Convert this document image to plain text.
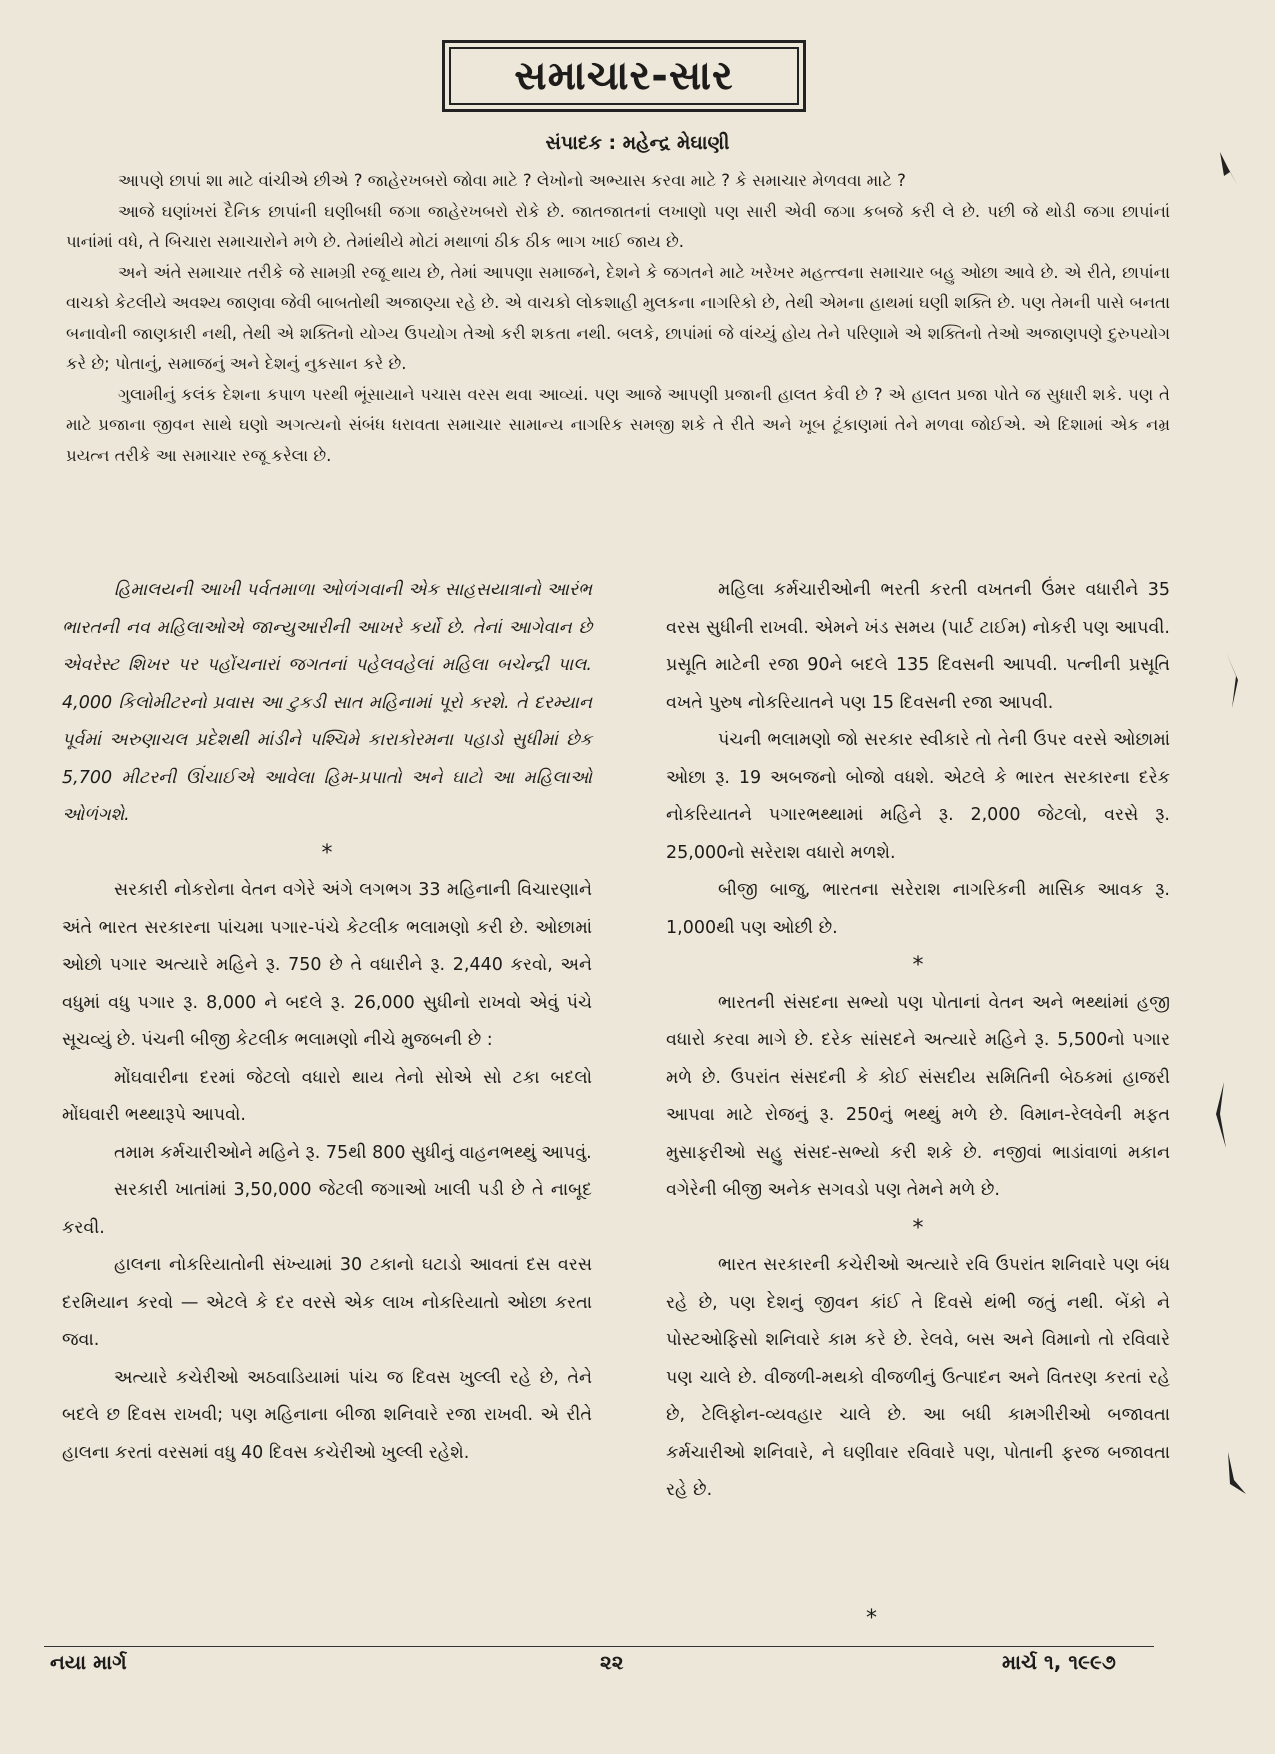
સમાચાર-સાર
સંપાદક : મહેન્દ્ર મેઘાણી

આપણે છાપાં શા માટે વાંચીએ છીએ ? જાહેરખબરો જોવા માટે ? લેખોનો અભ્યાસ કરવા માટે ? કે સમાચાર મેળવવા માટે ?

આજે ઘણાંખરાં દૈનિક છાપાંની ઘણીબધી જગા જાહેરખબરો રોકે છે. જાતજાતનાં લખાણો પણ સારી એવી જગા કબજે કરી લે છે. પછી જે થોડી જગા છાપાંનાં પાનાંમાં વધે, તે બિચારા સમાચારોને મળે છે. તેમાંથીયે મોટાં મથાળાં ઠીક ઠીક ભાગ ખાઈ જાય છે.

અને અંતે સમાચાર તરીકે જે સામગ્રી રજૂ થાય છે, તેમાં આપણા સમાજને, દેશને કે જગતને માટે ખરેખર મહત્ત્વના સમાચાર બહુ ઓછા આવે છે. એ રીતે, છાપાંના વાચકો કેટલીયે અવશ્ય જાણવા જેવી બાબતોથી અજાણ્યા રહે છે. એ વાચકો લોકશાહી મુલકના નાગરિકો છે, તેથી એમના હાથમાં ઘણી શક્તિ છે. પણ તેમની પાસે બનતા બનાવોની જાણકારી નથી, તેથી એ શક્તિનો યોગ્ય ઉપયોગ તેઓ કરી શકતા નથી. બલકે, છાપાંમાં જે વાંચ્યું હોય તેને પરિણામે એ શક્તિનો તેઓ અજાણપણે દુરુપયોગ કરે છે; પોતાનું, સમાજનું અને દેશનું નુકસાન કરે છે.

ગુલામીનું કલંક દેશના કપાળ પરથી ભૂંસાયાને પચાસ વરસ થવા આવ્યાં. પણ આજે આપણી પ્રજાની હાલત કેવી છે ? એ હાલત પ્રજા પોતે જ સુધારી શકે. પણ તે માટે પ્રજાના જીવન સાથે ઘણો અગત્યનો સંબંધ ધરાવતા સમાચાર સામાન્ય નાગરિક સમજી શકે તે રીતે અને ખૂબ ટૂંકાણમાં તેને મળવા જોઈએ. એ દિશામાં એક નમ્ર પ્રયત્ન તરીકે આ સમાચાર રજૂ કરેલા છે.

હિમાલયની આખી પર્વતમાળા ઓળંગવાની એક સાહસયાત્રાનો આરંભ ભારતની નવ મહિલાઓએ જાન્યુઆરીની આખરે કર્યો છે. તેનાં આગેવાન છે એવરેસ્ટ શિખર પર પહોંચનારાં જગતનાં પહેલવહેલાં મહિલા બચેન્દ્રી પાલ. 4,000 કિલોમીટરનો પ્રવાસ આ ટુકડી સાત મહિનામાં પૂરો કરશે. તે દરમ્યાન પૂર્વમાં અરુણાચલ પ્રદેશથી માંડીને પશ્ચિમે કારાકોરમના પહાડો સુધીમાં છેક 5,700 મીટરની ઊંચાઈએ આવેલા હિમ-પ્રપાતો અને ઘાટો આ મહિલાઓ ઓળંગશે.

*

સરકારી નોકરોના વેતન વગેરે અંગે લગભગ 33 મહિનાની વિચારણાને અંતે ભારત સરકારના પાંચમા પગાર-પંચે કેટલીક ભલામણો કરી છે. ઓછામાં ઓછો પગાર અત્યારે મહિને રૂ. 750 છે તે વધારીને રૂ. 2,440 કરવો, અને વધુમાં વધુ પગાર રૂ. 8,000 ને બદલે રૂ. 26,000 સુધીનો રાખવો એવું પંચે સૂચવ્યું છે. પંચની બીજી કેટલીક ભલામણો નીચે મુજબની છે :

મોંઘવારીના દરમાં જેટલો વધારો થાય તેનો સોએ સો ટકા બદલો મોંઘવારી ભથ્થારૂપે આપવો.

તમામ કર્મચારીઓને મહિને રૂ. 75થી 800 સુધીનું વાહનભથ્થું આપવું.

સરકારી ખાતાંમાં 3,50,000 જેટલી જગાઓ ખાલી પડી છે તે નાબૂદ કરવી.

હાલના નોકરિયાતોની સંખ્યામાં 30 ટકાનો ઘટાડો આવતાં દસ વરસ દરમિયાન કરવો — એટલે કે દર વરસે એક લાખ નોકરિયાતો ઓછા કરતા જવા.

અત્યારે કચેરીઓ અઠવાડિયામાં પાંચ જ દિવસ ખુલ્લી રહે છે, તેને બદલે છ દિવસ રાખવી; પણ મહિનાના બીજા શનિવારે રજા રાખવી. એ રીતે હાલના કરતાં વરસમાં વધુ 40 દિવસ કચેરીઓ ખુલ્લી રહેશે.

મહિલા કર્મચારીઓની ભરતી કરતી વખતની ઉંમર વધારીને 35 વરસ સુધીની રાખવી. એમને ખંડ સમય (પાર્ટ ટાઈમ) નોકરી પણ આપવી. પ્રસૂતિ માટેની રજા 90ને બદલે 135 દિવસની આપવી. પત્નીની પ્રસૂતિ વખતે પુરુષ નોકરિયાતને પણ 15 દિવસની રજા આપવી.

પંચની ભલામણો જો સરકાર સ્વીકારે તો તેની ઉપર વરસે ઓછામાં ઓછા રૂ. 19 અબજનો બોજો વધશે. એટલે કે ભારત સરકારના દરેક નોકરિયાતને પગારભથ્થામાં મહિને રૂ. 2,000 જેટલો, વરસે રૂ. 25,000નો સરેરાશ વધારો મળશે.

બીજી બાજુ, ભારતના સરેરાશ નાગરિકની માસિક આવક રૂ. 1,000થી પણ ઓછી છે.

*

ભારતની સંસદના સભ્યો પણ પોતાનાં વેતન અને ભથ્થાંમાં હજી વધારો કરવા માગે છે. દરેક સાંસદને અત્યારે મહિને રૂ. 5,500નો પગાર મળે છે. ઉપરાંત સંસદની કે કોઈ સંસદીય સમિતિની બેઠકમાં હાજરી આપવા માટે રોજનું રૂ. 250નું ભથ્થું મળે છે. વિમાન-રેલવેની મફત મુસાફરીઓ સહુ સંસદ-સભ્યો કરી શકે છે. નજીવાં ભાડાંવાળાં મકાન વગેરેની બીજી અનેક સગવડો પણ તેમને મળે છે.

*

ભારત સરકારની કચેરીઓ અત્યારે રવિ ઉપરાંત શનિવારે પણ બંધ રહે છે, પણ દેશનું જીવન કાંઈ તે દિવસે થંભી જતું નથી. બેંકો ને પોસ્ટઓફિસો શનિવારે કામ કરે છે. રેલવે, બસ અને વિમાનો તો રવિવારે પણ ચાલે છે. વીજળી-મથકો વીજળીનું ઉત્પાદન અને વિતરણ કરતાં રહે છે, ટેલિફોન-વ્યવહાર ચાલે છે. આ બધી કામગીરીઓ બજાવતા કર્મચારીઓ શનિવારે, ને ઘણીવાર રવિવારે પણ, પોતાની ફરજ બજાવતા રહે છે.

*
નયા માર્ગ	૨૨	માર્ચ ૧, ૧૯૯૭
